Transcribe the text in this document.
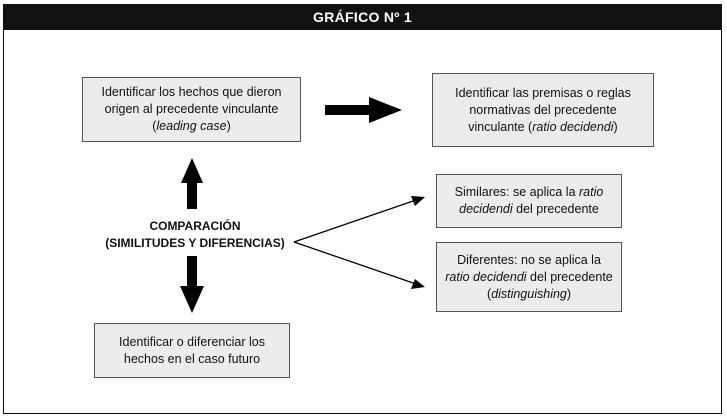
GRÁFICO Nº 1
Identificar los hechos que dieron
origen al precedente vinculante
(leading case)
Identificar las premisas o reglas
normativas del precedente
vinculante (ratio decidendi)
Similares: se aplica la ratio
decidendi del precedente
Diferentes: no se aplica la
ratio decidendi del precedente
(distinguishing)
Identificar o diferenciar los
hechos en el caso futuro
COMPARACIÓN
(SIMILITUDES Y DIFERENCIAS)
